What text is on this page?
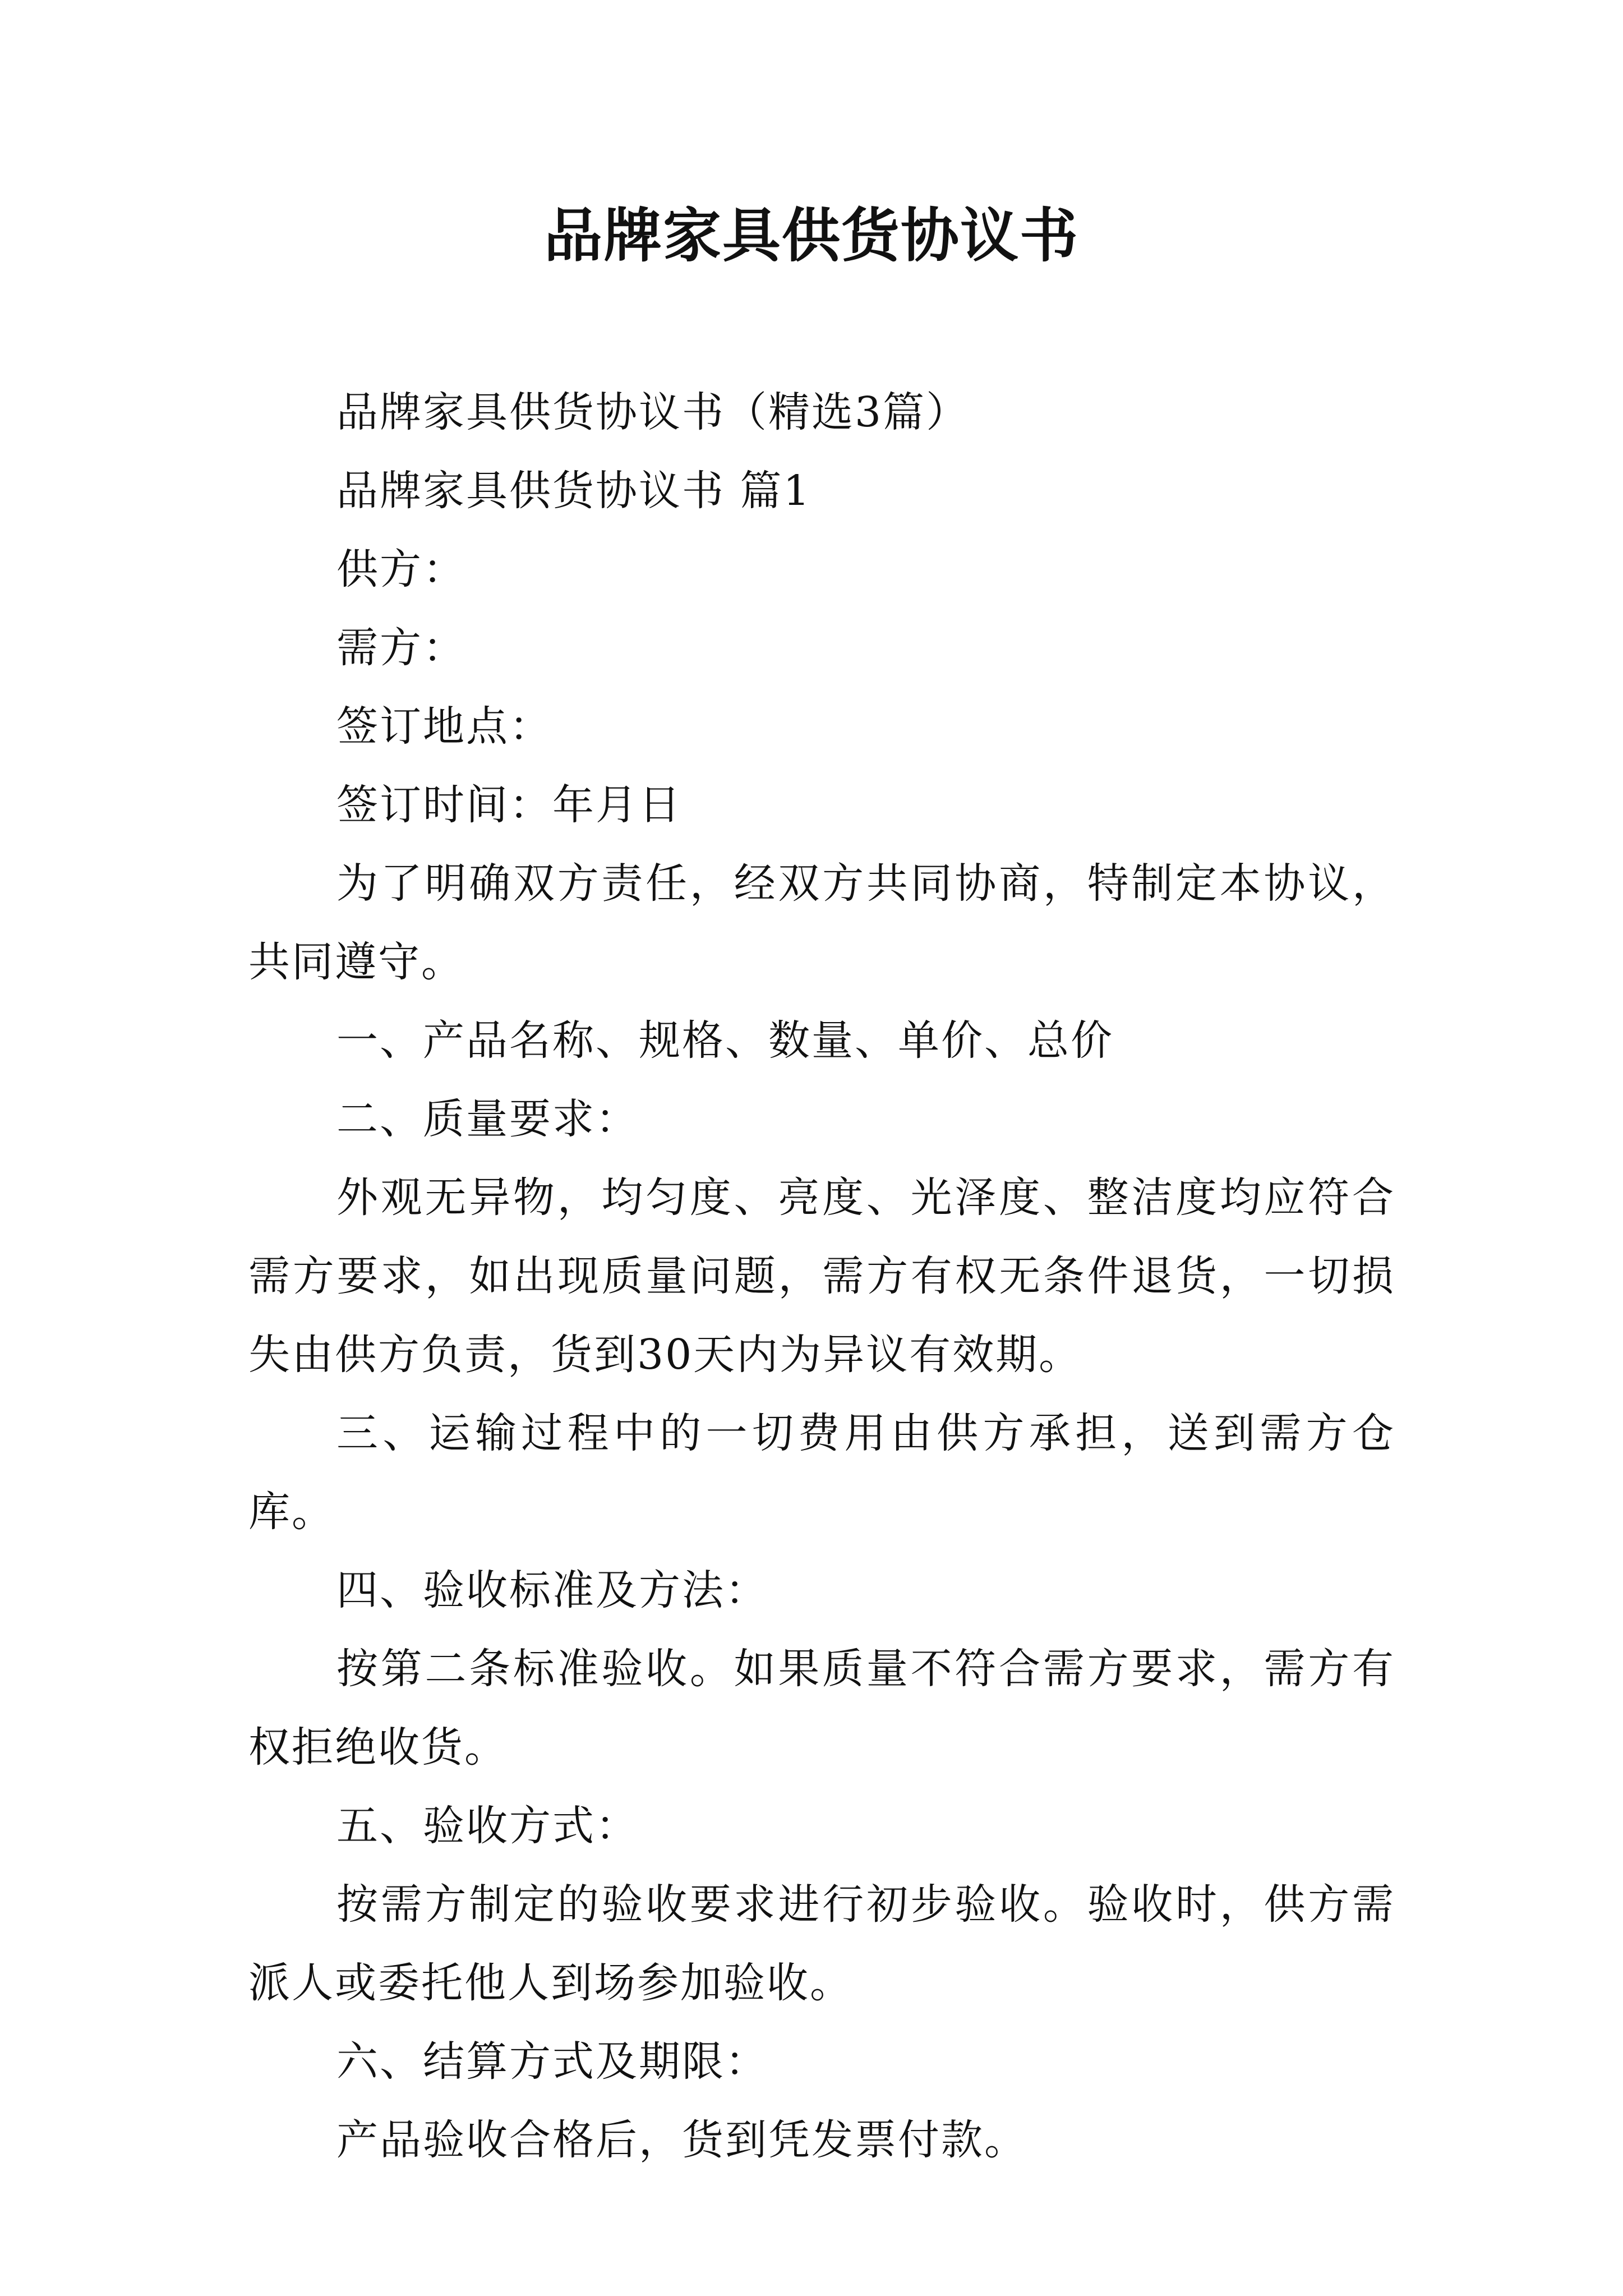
品牌家具供货协议书

品牌家具供货协议书（精选3篇）

品牌家具供货协议书 篇1

供方：

需方：

签订地点：

签订时间：年月日

为了明确双方责任，经双方共同协商，特制定本协议，共同遵守。

一、产品名称、规格、数量、单价、总价

二、质量要求：

外观无异物，均匀度、亮度、光泽度、整洁度均应符合需方要求，如出现质量问题，需方有权无条件退货，一切损失由供方负责，货到30天内为异议有效期。

三、运输过程中的一切费用由供方承担，送到需方仓库。

四、验收标准及方法：

按第二条标准验收。如果质量不符合需方要求，需方有权拒绝收货。

五、验收方式：

按需方制定的验收要求进行初步验收。验收时，供方需派人或委托他人到场参加验收。

六、结算方式及期限：

产品验收合格后，货到凭发票付款。
